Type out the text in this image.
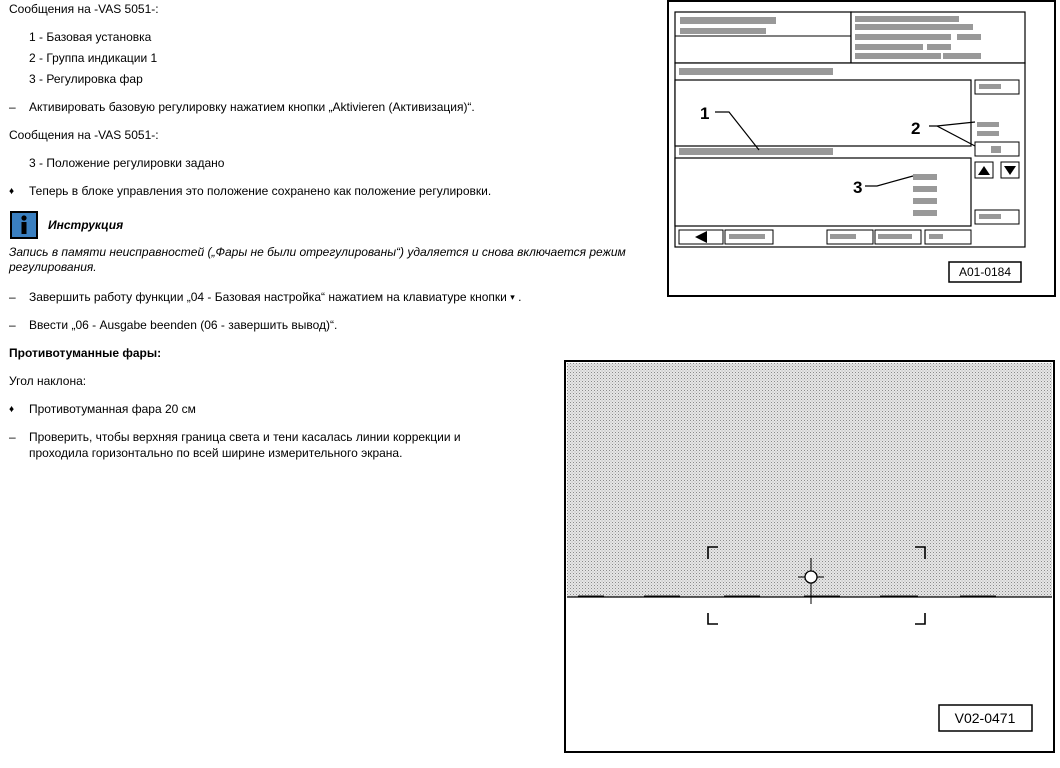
Сообщения на -VAS 5051-:
1 - Базовая установка
2 - Группа индикации 1
3 - Регулировка фар
–	Активировать базовую регулировку нажатием кнопки „Aktivieren (Активизация)“.
Сообщения на -VAS 5051-:
3 - Положение регулировки задано
♦	Теперь в блоке управления это положение сохранено как положение регулировки.
Инструкция
Запись в памяти неисправностей („Фары не были отрегулированы“) удаляется и снова включается режим регулирования.
–	Завершить работу функции „04 - Базовая настройка“ нажатием на клавиатуре кнопки ▾ .
–	Ввести „06 - Ausgabe beenden (06 - завершить вывод)“.
Противотуманные фары:
Угол наклона:
♦	Противотуманная фара 20 см
–	Проверить, чтобы верхняя граница света и тени касалась линии коррекции и
проходила горизонтально по всей ширине измерительного экрана.
1
2
3
A01-0184
V02-0471
